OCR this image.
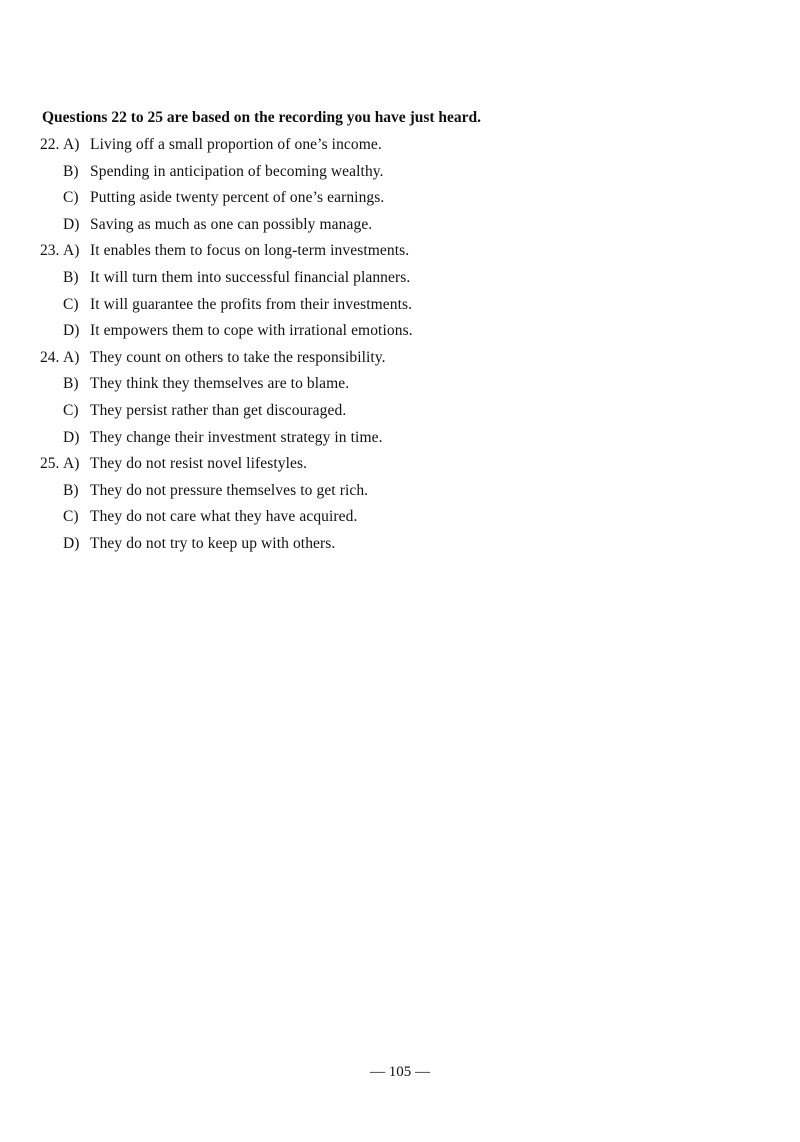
Questions 22 to 25 are based on the recording you have just heard.
22. A) Living off a small proportion of one’s income.
B) Spending in anticipation of becoming wealthy.
C) Putting aside twenty percent of one’s earnings.
D) Saving as much as one can possibly manage.
23. A) It enables them to focus on long-term investments.
B) It will turn them into successful financial planners.
C) It will guarantee the profits from their investments.
D) It empowers them to cope with irrational emotions.
24. A) They count on others to take the responsibility.
B) They think they themselves are to blame.
C) They persist rather than get discouraged.
D) They change their investment strategy in time.
25. A) They do not resist novel lifestyles.
B) They do not pressure themselves to get rich.
C) They do not care what they have acquired.
D) They do not try to keep up with others.
— 105 —
